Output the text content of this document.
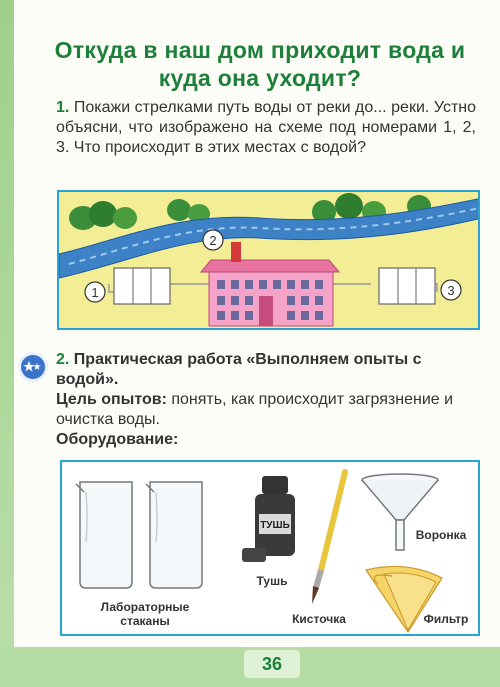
Откуда в наш дом приходит вода и куда она уходит?
1. Покажи стрелками путь воды от реки до... реки. Устно объясни, что изображено на схеме под номерами 1, 2, 3. Что происходит в этих местах с водой?
1
2
3
2. Практическая работа «Выполняем опыты с водой».
Цель опытов: понять, как происходит загрязнение и очистка воды.
Оборудование:
ТУШЬ
Лабораторные стаканы
Тушь
Кисточка
Воронка
Фильтр
36
